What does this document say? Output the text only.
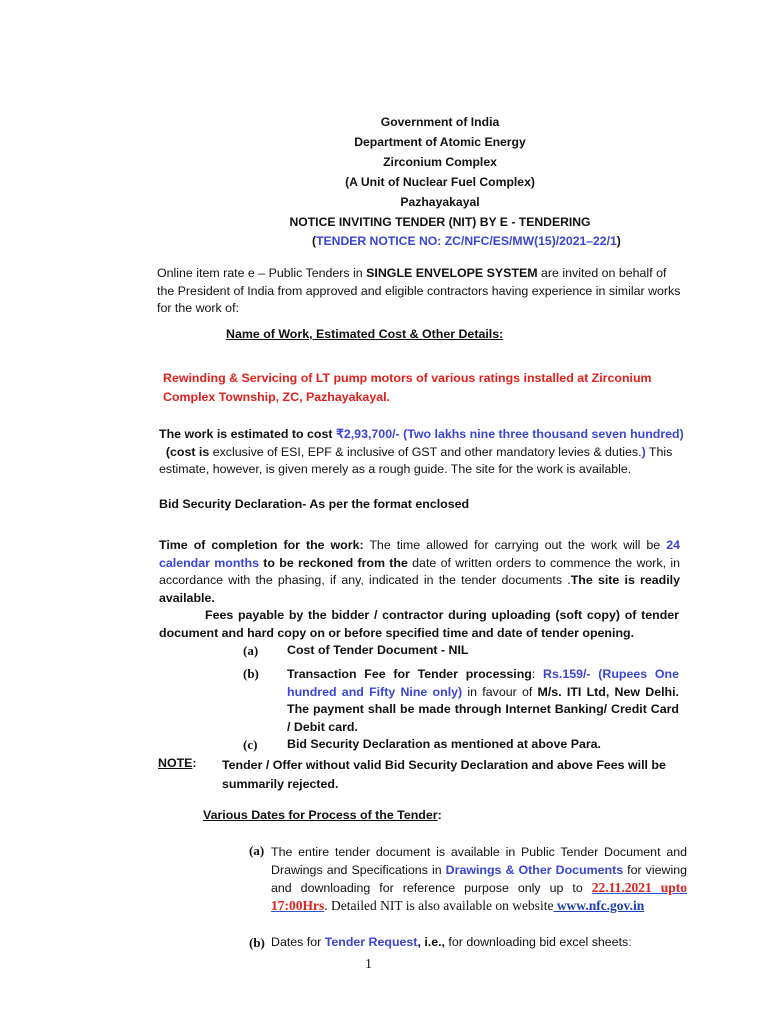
Government of India
Department of Atomic Energy
Zirconium Complex
(A Unit of Nuclear Fuel Complex)
Pazhayakayal
NOTICE INVITING TENDER (NIT) BY E - TENDERING
(TENDER NOTICE NO: ZC/NFC/ES/MW(15)/2021–22/1)
Online item rate e – Public Tenders in SINGLE ENVELOPE SYSTEM are invited on behalf of the President of India from approved and eligible contractors having experience in similar works for the work of:
Name of Work, Estimated Cost & Other Details:
Rewinding & Servicing of LT pump motors of various ratings installed at Zirconium Complex Township, ZC, Pazhayakayal.
The work is estimated to cost ₹2,93,700/- (Two lakhs nine three thousand seven hundred)
(cost is exclusive of ESI, EPF & inclusive of GST and other mandatory levies & duties.) This estimate, however, is given merely as a rough guide. The site for the work is available.
Bid Security Declaration- As per the format enclosed
Time of completion for the work: The time allowed for carrying out the work will be 24 calendar months to be reckoned from the date of written orders to commence the work, in accordance with the phasing, if any, indicated in the tender documents .The site is readily available.
Fees payable by the bidder / contractor during uploading (soft copy) of tender document and hard copy on or before specified time and date of tender opening.
(a) Cost of Tender Document - NIL
(b) Transaction Fee for Tender processing: Rs.159/- (Rupees One hundred and Fifty Nine only) in favour of M/s. ITI Ltd, New Delhi. The payment shall be made through Internet Banking/ Credit Card / Debit card.
(c) Bid Security Declaration as mentioned at above Para.
NOTE: Tender / Offer without valid Bid Security Declaration and above Fees will be summarily rejected.
Various Dates for Process of the Tender:
(a) The entire tender document is available in Public Tender Document and Drawings and Specifications in Drawings & Other Documents for viewing and downloading for reference purpose only up to 22.11.2021 upto 17:00Hrs. Detailed NIT is also available on website www.nfc.gov.in
(b) Dates for Tender Request, i.e., for downloading bid excel sheets:
1
